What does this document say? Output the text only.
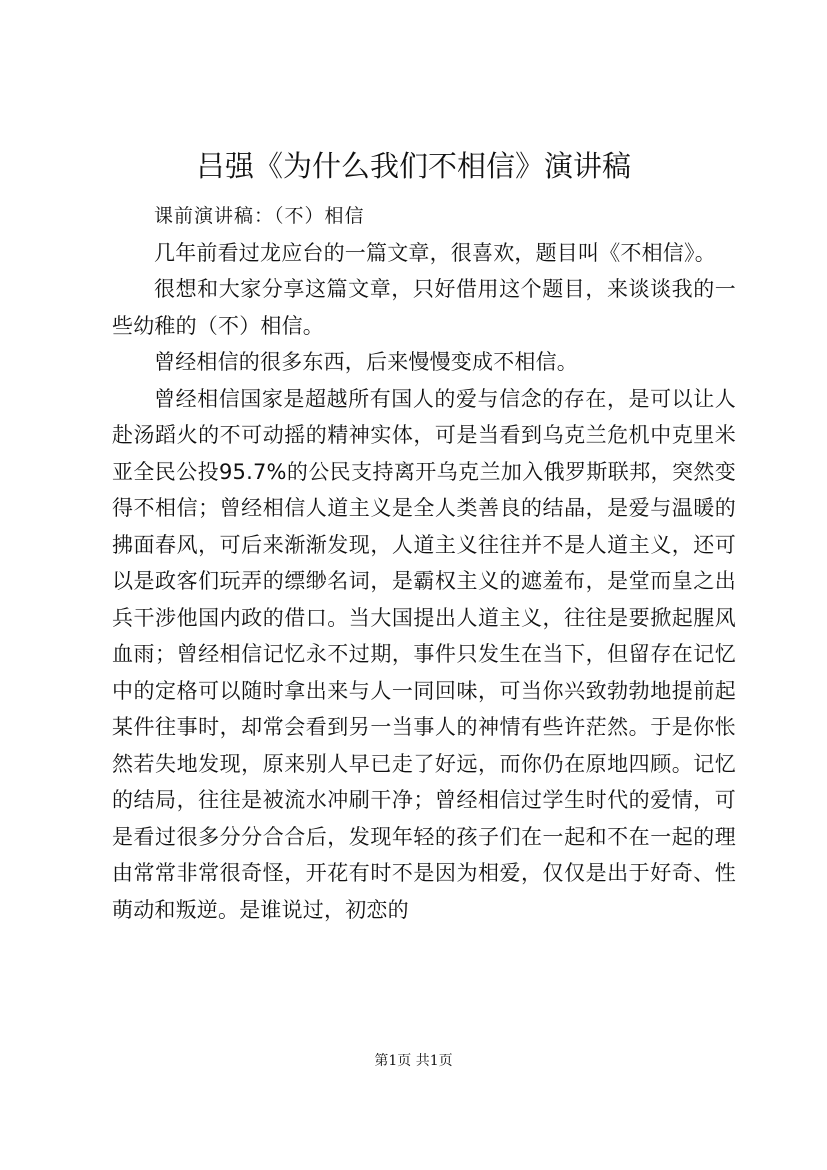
吕强《为什么我们不相信》演讲稿

课前演讲稿：（不）相信

几年前看过龙应台的一篇文章，很喜欢，题目叫《不相信》。

很想和大家分享这篇文章，只好借用这个题目，来谈谈我的一些幼稚的（不）相信。

曾经相信的很多东西，后来慢慢变成不相信。

曾经相信国家是超越所有国人的爱与信念的存在，是可以让人赴汤蹈火的不可动摇的精神实体，可是当看到乌克兰危机中克里米亚全民公投95.7%的公民支持离开乌克兰加入俄罗斯联邦，突然变得不相信；曾经相信人道主义是全人类善良的结晶，是爱与温暖的拂面春风，可后来渐渐发现，人道主义往往并不是人道主义，还可以是政客们玩弄的缥缈名词，是霸权主义的遮羞布，是堂而皇之出兵干涉他国内政的借口。当大国提出人道主义，往往是要掀起腥风血雨；曾经相信记忆永不过期，事件只发生在当下，但留存在记忆中的定格可以随时拿出来与人一同回味，可当你兴致勃勃地提前起某件往事时，却常会看到另一当事人的神情有些许茫然。于是你怅然若失地发现，原来别人早已走了好远，而你仍在原地四顾。记忆的结局，往往是被流水冲刷干净；曾经相信过学生时代的爱情，可是看过很多分分合合后，发现年轻的孩子们在一起和不在一起的理由常常非常很奇怪，开花有时不是因为相爱，仅仅是出于好奇、性萌动和叛逆。是谁说过，初恋的

第1页 共1页
